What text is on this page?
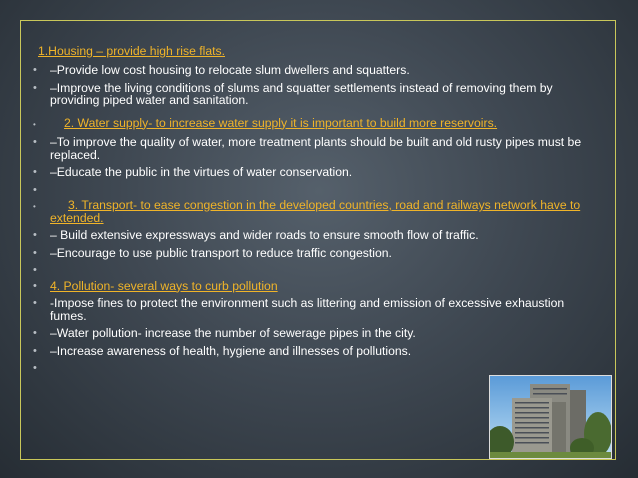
1.Housing – provide high rise flats.
•	–Provide low cost housing to relocate slum dwellers and squatters.
•	–Improve the living conditions of slums and squatter settlements instead of removing them by providing piped water and sanitation.
•	2. Water supply- to increase water supply it is important to build more reservoirs.
•	–To improve the quality of water, more treatment plants should be built and old rusty pipes must be replaced.
•	–Educate the public in the virtues of water conservation.
•
•	3. Transport- to ease congestion in the developed countries, road and railways network have to extended.
•	– Build extensive expressways and wider roads to ensure smooth flow of traffic.
•	–Encourage to use public transport to reduce traffic congestion.
•
•	4. Pollution- several ways to curb pollution
•	-Impose fines to protect the environment such as littering and emission of excessive exhaustion fumes.
•	–Water pollution- increase the number of sewerage pipes in the city.
•	–Increase awareness of health, hygiene and illnesses of pollutions.
•
